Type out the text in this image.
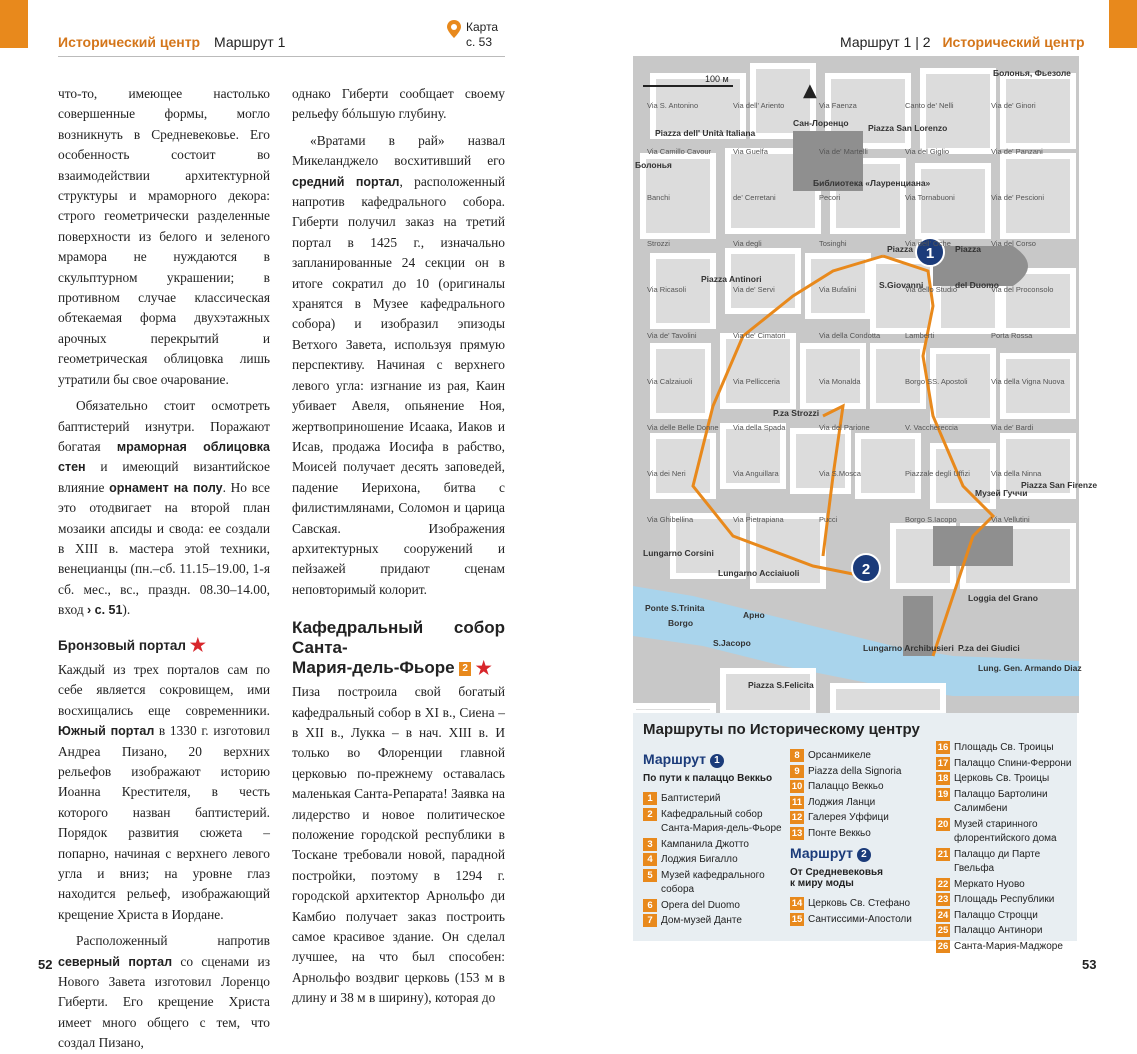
Исторический центр Маршрут 1
Карта
с. 53	Маршрут 1 | 2 Исторический центр

что-то, имеющее настолько совершенные формы, могло возникнуть в Средневековье. Его особенность состоит во взаимодействии архитектурной структуры и мраморного декора: строго геометрически разделенные поверхности из белого и зеленого мрамора не нуждаются в скульптурном украшении; в противном случае классическая обтекаемая форма двухэтажных арочных перекрытий и геометрическая облицовка лишь утратили бы свое очарование.

Обязательно стоит осмотреть баптистерий изнутри. Поражают богатая мраморная облицовка стен и имеющий византийское влияние орнамент на полу. Но все это отодвигает на второй план мозаики апсиды и свода: ее создали в XIII в. мастера этой техники, венецианцы (пн.–сб. 11.15–19.00, 1-я сб. мес., вс., праздн. 08.30–14.00, вход › с. 51).

Бронзовый портал ★

Каждый из трех порталов сам по себе является сокровищем, ими восхищались еще современники. Южный портал в 1330 г. изготовил Андреа Пизано, 20 верхних рельефов изображают историю Иоанна Крестителя, в честь которого назван баптистерий. Порядок развития сюжета – попарно, начиная с верхнего левого угла и вниз; на уровне глаз находится рельеф, изображающий крещение Христа в Иордане.

Расположенный напротив северный портал со сценами из Нового Завета изготовил Лоренцо Гиберти. Его крещение Христа имеет много общего с тем, что создал Пизано,

однако Гиберти сообщает своему рельефу бóльшую глубину.

«Вратами в рай» назвал Микеланджело восхитивший его средний портал, расположенный напротив кафедрального собора. Гиберти получил заказ на третий портал в 1425 г., изначально запланированные 24 секции он в итоге сократил до 10 (оригиналы хранятся в Музее кафедрального собора) и изобразил эпизоды Ветхого Завета, используя прямую перспективу. Начиная с верхнего левого угла: изгнание из рая, Каин убивает Авеля, опьянение Ноя, жертвоприношение Исаака, Иаков и Исав, продажа Иосифа в рабство, Моисей получает десять заповедей, падение Иерихона, битва с филистимлянами, Соломон и царица Савская. Изображения архитектурных сооружений и пейзажей придают сценам неповторимый колорит.

Кафедральный собор Санта-
Мария-дель-Фьоре 2 ★

Пиза построила свой богатый кафедральный собор в XI в., Сиена – в XII в., Лукка – в нач. XIII в. И только во Флоренции главной церковью по-прежнему оставалась маленькая Санта-Репарата! Заявка на лидерство и новое политическое положение городской республики в Тоскане требовали новой, парадной постройки, поэтому в 1294 г. городской архитектор Арнольфо ди Камбио получает заказ построить самое красивое здание. Он сделал лучшее, на что был способен: Арнольфо воздвиг церковь (153 м в длину и 38 м в ширину), которая до

1
2
▲
100 м
Piazza dell' Unità Italiana
Сан-Лоренцо Piazza San Lorenzo
Библиотека «Лауренциана»
Болонья, Фьезоле
Piazza	Piazza
del Duomo
S.Giovanni
Piazza Antinori
P.za Strozzi
Арно
Lungarno Corsini
Lungarno Acciaiuoli
Lungarno Archibusieri
Музей Гуччи
Piazza San Firenze
Loggia del Grano
P.za dei Giudici
Lung. Gen. Armando Diaz
Piazza S.Felicita
S.Jacopo
Borgo
Ponte S.Trinita
Болонья
Via S. Antonino	Via dell' Ariento	Via Faenza	Canto de' Nelli	Via de' Ginori
Via Camillo Cavour	Via Guelfa	Via de' Martelli	Via del Giglio	Via de' Panzani
Banchi	de' Cerretani	Pecori	Via Tornabuoni	Via de' Pescioni
Strozzi	Via degli	Tosinghi	Via dell' Oche	Via del Corso
Via Ricasoli	Via de' Servi	Via Bufalini	Via dello Studio	Via del Proconsolo
Via de' Tavolini	Via de' Cimatori	Via della Condotta	Lamberti	Porta Rossa
Via Calzaiuoli	Via Pellicceria	Via Monalda	Borgo SS. Apostoli	Via della Vigna Nuova
Via delle Belle Donne Via della Spada	Via del Parione	V. Vacchereccia	Via de' Bardi
Via dei Neri	Via Anguillara	Via S.Mosca	Piazzale degli Uffizi	Via della Ninna
Via Ghibellina	Via Pietrapiana	Pucci	Borgo S.Iacopo	Via Vellutini
Маршруты по Историческому центру
Маршрут 1
По пути к палаццо Веккьо
1 Баптистерий
2 Кафедральный собор Санта-Мария-дель-Фьоре
3 Кампанила Джотто
4 Лоджия Бигалло
5 Музей кафедрального собора
6 Opera del Duomo
7 Дом-музей Данте
8 Орсанмикеле
9 Piazza della Signoria
10 Палаццо Веккьо
11 Лоджия Ланци
12 Галерея Уффици
13 Понте Веккьо
Маршрут 2
От Средневековья
к миру моды
14 Церковь Св. Стефано
15 Сантиссими-Апостоли
16 Площадь Св. Троицы
17 Палаццо Спини-Феррони
18 Церковь Св. Троицы
19 Палаццо Бартолини Салимбени
20 Музей старинного флорентийского дома
21 Палаццо ди Парте Гвельфа
22 Меркато Нуово
23 Площадь Республики
24 Палаццо Строцци
25 Палаццо Антинори
26 Санта-Мария-Маджоре
52	53
